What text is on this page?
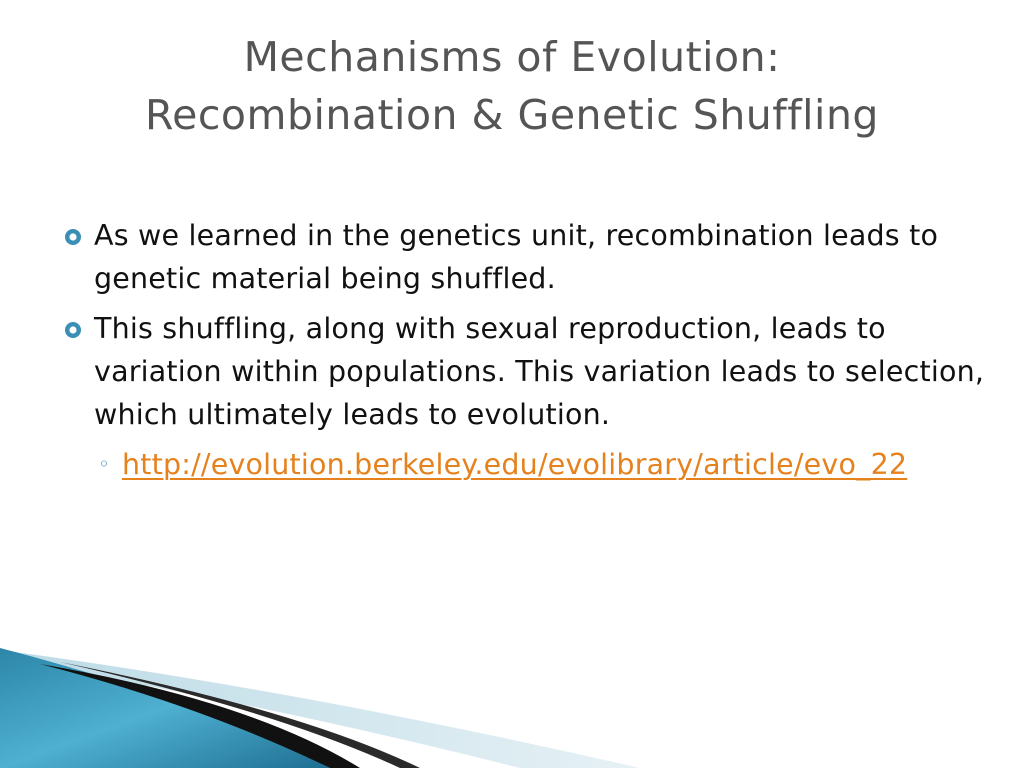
Mechanisms of Evolution:
Recombination & Genetic Shuffling
As we learned in the genetics unit, recombination leads to genetic material being shuffled.
This shuffling, along with sexual reproduction, leads to variation within populations. This variation leads to selection, which ultimately leads to evolution.
◦ http://evolution.berkeley.edu/evolibrary/article/evo_22
